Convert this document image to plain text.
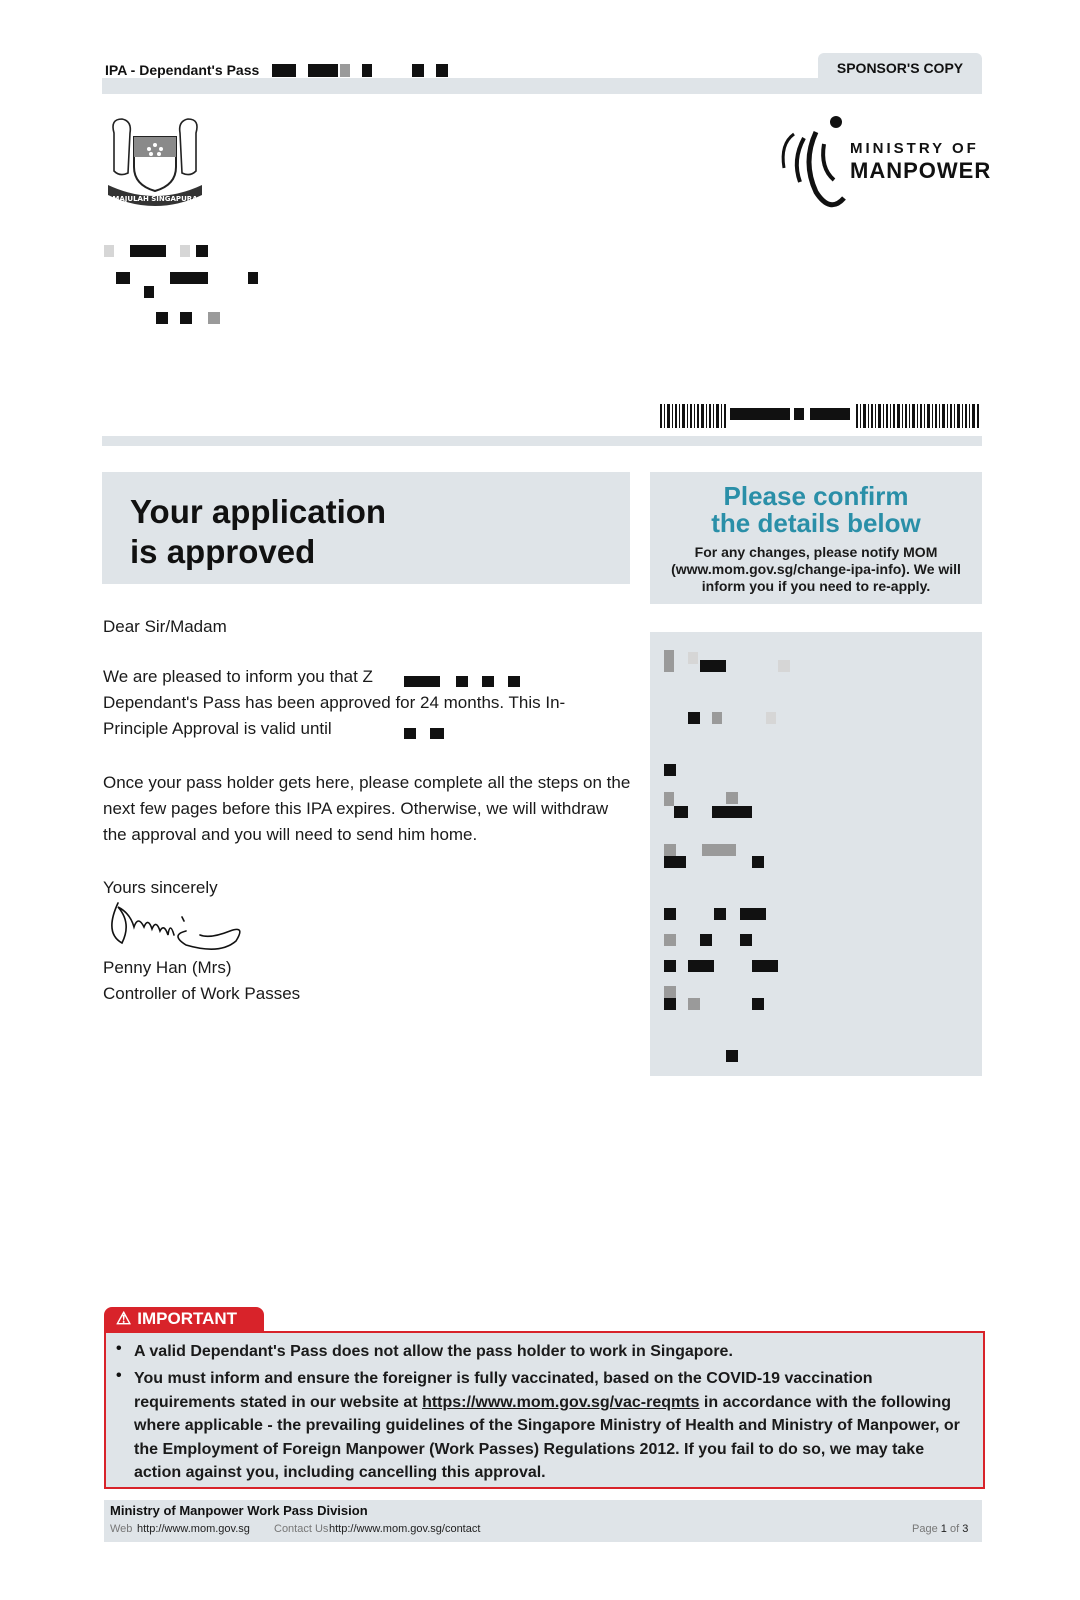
IPA - Dependant's Pass	SPONSOR'S COPY
MAJULAH SINGAPURA
MINISTRY OF
MANPOWER
Your application
is approved
Please confirm
the details below
For any changes, please notify MOM (www.mom.gov.sg/change-ipa-info). We will inform you if you need to re-apply.
Dear Sir/Madam
We are pleased to inform you that Z  Dependant's Pass has been approved for 24 months. This In-Principle Approval is valid until
Once your pass holder gets here, please complete all the steps on the next few pages before this IPA expires. Otherwise, we will withdraw the approval and you will need to send him home.
Yours sincerely
Penny Han (Mrs)
Controller of Work Passes
⚠ IMPORTANT
• A valid Dependant's Pass does not allow the pass holder to work in Singapore.
• You must inform and ensure the foreigner is fully vaccinated, based on the COVID-19 vaccination requirements stated in our website at https://www.mom.gov.sg/vac-reqmts in accordance with the following where applicable - the prevailing guidelines of the Singapore Ministry of Health and Ministry of Manpower, or the Employment of Foreign Manpower (Work Passes) Regulations 2012. If you fail to do so, we may take action against you, including cancelling this approval.
Ministry of Manpower Work Pass Division
Web http://www.mom.gov.sg Contact Us http://www.mom.gov.sg/contact	Page 1 of 3
